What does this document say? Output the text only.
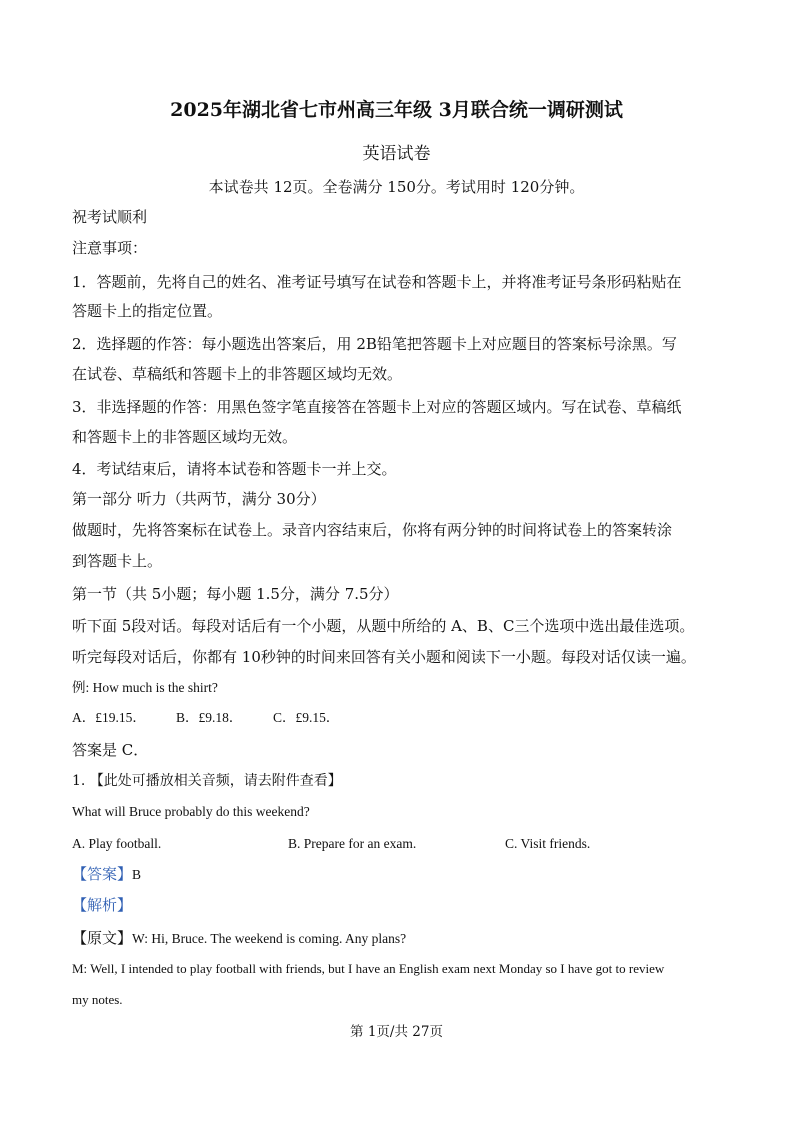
2025年湖北省七市州高三年级 3月联合统一调研测试
英语试卷
本试卷共 12页。全卷满分 150分。考试用时 120分钟。
祝考试顺利
注意事项：
1．答题前，先将自己的姓名、准考证号填写在试卷和答题卡上，并将准考证号条形码粘贴在
答题卡上的指定位置。
2．选择题的作答：每小题选出答案后，用 2B铅笔把答题卡上对应题目的答案标号涂黑。写
在试卷、草稿纸和答题卡上的非答题区域均无效。
3．非选择题的作答：用黑色签字笔直接答在答题卡上对应的答题区域内。写在试卷、草稿纸
和答题卡上的非答题区域均无效。
4．考试结束后，请将本试卷和答题卡一并上交。
第一部分 听力（共两节，满分 30分）
做题时，先将答案标在试卷上。录音内容结束后，你将有两分钟的时间将试卷上的答案转涂
到答题卡上。
第一节（共 5小题；每小题 1.5分，满分 7.5分）
听下面 5段对话。每段对话后有一个小题，从题中所给的 A、B、C三个选项中选出最佳选项。
听完每段对话后，你都有 10秒钟的时间来回答有关小题和阅读下一小题。每段对话仅读一遍。
例: How much is the shirt?
A．£19.15． B．£9.18． C．£9.15．
答案是 C．
1. 【此处可播放相关音频，请去附件查看】
What will Bruce probably do this weekend?
A. Play football.	B. Prepare for an exam.	C. Visit friends.
【答案】B
【解析】
【原文】W: Hi, Bruce. The weekend is coming. Any plans?
M: Well, I intended to play football with friends, but I have an English exam next Monday so I have got to review
my notes.
第 1页/共 27页
